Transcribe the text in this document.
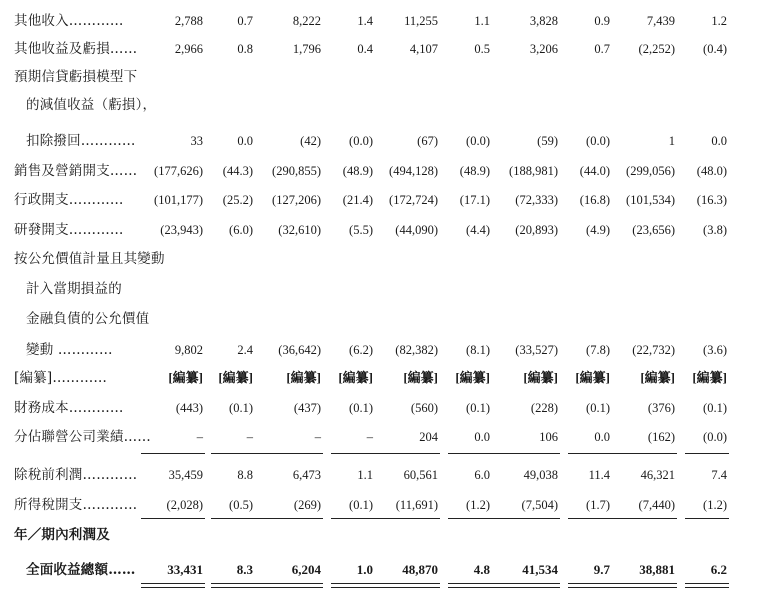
其他收入…………	2,788	0.7	8,222	1.4	11,255	1.1	3,828	0.9	7,439	1.2
其他收益及虧損……	2,966	0.8	1,796	0.4	4,107	0.5	3,206	0.7	(2,252)	(0.4)
預期信貸虧損模型下
的減值收益（虧損），
扣除撥回…………	33	0.0	(42)	(0.0)	(67)	(0.0)	(59)	(0.0)	1	0.0
銷售及營銷開支……	(177,626)	(44.3)	(290,855)	(48.9)	(494,128)	(48.9)	(188,981)	(44.0)	(299,056)	(48.0)
行政開支…………	(101,177)	(25.2)	(127,206)	(21.4)	(172,724)	(17.1)	(72,333)	(16.8)	(101,534)	(16.3)
研發開支…………	(23,943)	(6.0)	(32,610)	(5.5)	(44,090)	(4.4)	(20,893)	(4.9)	(23,656)	(3.8)
按公允價值計量且其變動
計入當期損益的
金融負債的公允價值
變動 …………	9,802	2.4	(36,642)	(6.2)	(82,382)	(8.1)	(33,527)	(7.8)	(22,732)	(3.6)
[編纂]…………	[編纂]	[編纂]	[編纂]	[編纂]	[編纂]	[編纂]	[編纂]	[編纂]	[編纂]	[編纂]
財務成本…………	(443)	(0.1)	(437)	(0.1)	(560)	(0.1)	(228)	(0.1)	(376)	(0.1)
分佔聯營公司業績……	–	–	–	–	204	0.0	106	0.0	(162)	(0.0)
除稅前利潤…………	35,459	8.8	6,473	1.1	60,561	6.0	49,038	11.4	46,321	7.4
所得稅開支…………	(2,028)	(0.5)	(269)	(0.1)	(11,691)	(1.2)	(7,504)	(1.7)	(7,440)	(1.2)
年／期內利潤及
全面收益總額……	33,431	8.3	6,204	1.0	48,870	4.8	41,534	9.7	38,881	6.2
